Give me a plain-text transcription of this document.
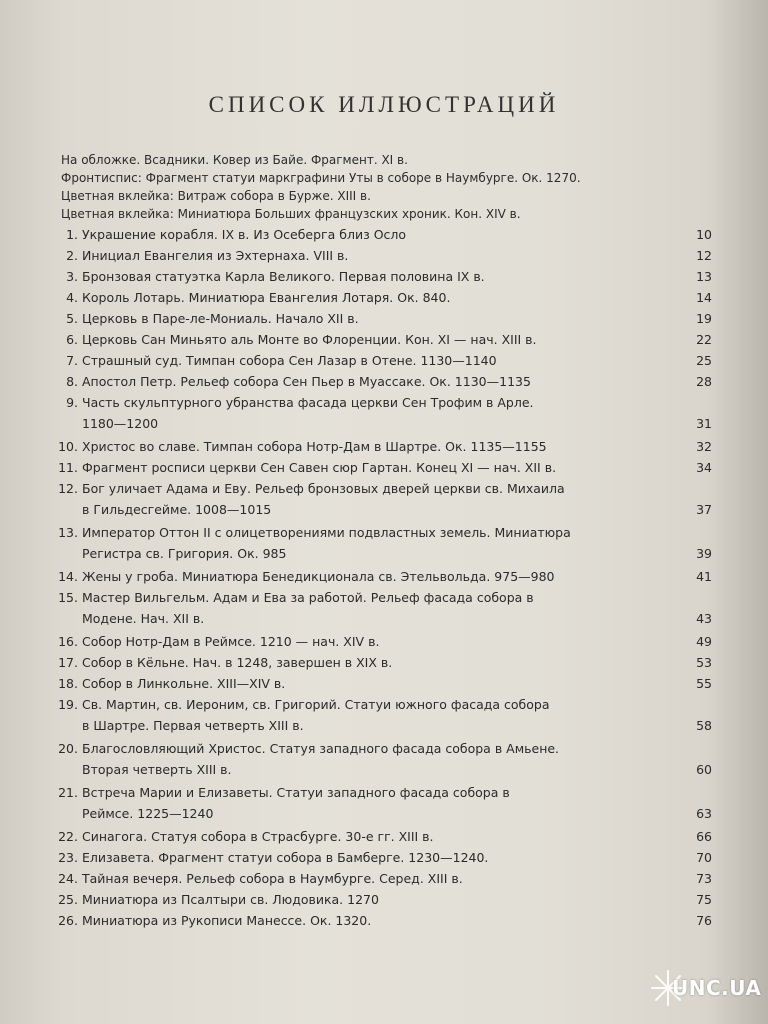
СПИСОК ИЛЛЮСТРАЦИЙ
На обложке. Всадники. Ковер из Байе. Фрагмент. XI в.
Фронтиспис: Фрагмент статуи маркграфини Уты в соборе в Наумбурге. Ок. 1270.
Цветная вклейка: Витраж собора в Бурже. XIII в.
Цветная вклейка: Миниатюра Больших французских хроник. Кон. XIV в.
1. Украшение корабля. IX в. Из Осеберга близ Осло	10
2. Инициал Евангелия из Эхтернаха. VIII в.	12
3. Бронзовая статуэтка Карла Великого. Первая половина IX в.	13
4. Король Лотарь. Миниатюра Евангелия Лотаря. Ок. 840.	14
5. Церковь в Паре-ле-Мониаль. Начало XII в.	19
6. Церковь Сан Миньято аль Монте во Флоренции. Кон. XI — нач. XIII в.	22
7. Страшный суд. Тимпан собора Сен Лазар в Отене. 1130—1140	25
8. Апостол Петр. Рельеф собора Сен Пьер в Муассаке. Ок. 1130—1135	28
9. Часть скульптурного убранства фасада церкви Сен Трофим в Арле.
1180—1200	31
10. Христос во славе. Тимпан собора Нотр-Дам в Шартре. Ок. 1135—1155	32
11. Фрагмент росписи церкви Сен Савен сюр Гартан. Конец XI — нач. XII в.	34
12. Бог уличает Адама и Еву. Рельеф бронзовых дверей церкви св. Михаила
в Гильдесгейме. 1008—1015	37
13. Император Оттон II с олицетворениями подвластных земель. Миниатюра
Регистра св. Григория. Ок. 985	39
14. Жены у гроба. Миниатюра Бенедикционала св. Этельвольда. 975—980	41
15. Мастер Вильгельм. Адам и Ева за работой. Рельеф фасада собора в
Модене. Нач. XII в.	43
16. Собор Нотр-Дам в Реймсе. 1210 — нач. XIV в.	49
17. Собор в Кёльне. Нач. в 1248, завершен в XIX в.	53
18. Собор в Линкольне. XIII—XIV в.	55
19. Св. Мартин, св. Иероним, св. Григорий. Статуи южного фасада собора
в Шартре. Первая четверть XIII в.	58
20. Благословляющий Христос. Статуя западного фасада собора в Амьене.
Вторая четверть XIII в.	60
21. Встреча Марии и Елизаветы. Статуи западного фасада собора в
Реймсе. 1225—1240	63
22. Синагога. Статуя собора в Страсбурге. 30-е гг. XIII в.	66
23. Елизавета. Фрагмент статуи собора в Бамберге. 1230—1240.	70
24. Тайная вечеря. Рельеф собора в Наумбурге. Серед. XIII в.	73
25. Миниатюра из Псалтыри св. Людовика. 1270	75
26. Миниатюра из Рукописи Манессе. Ок. 1320.	76
UNC.UA
